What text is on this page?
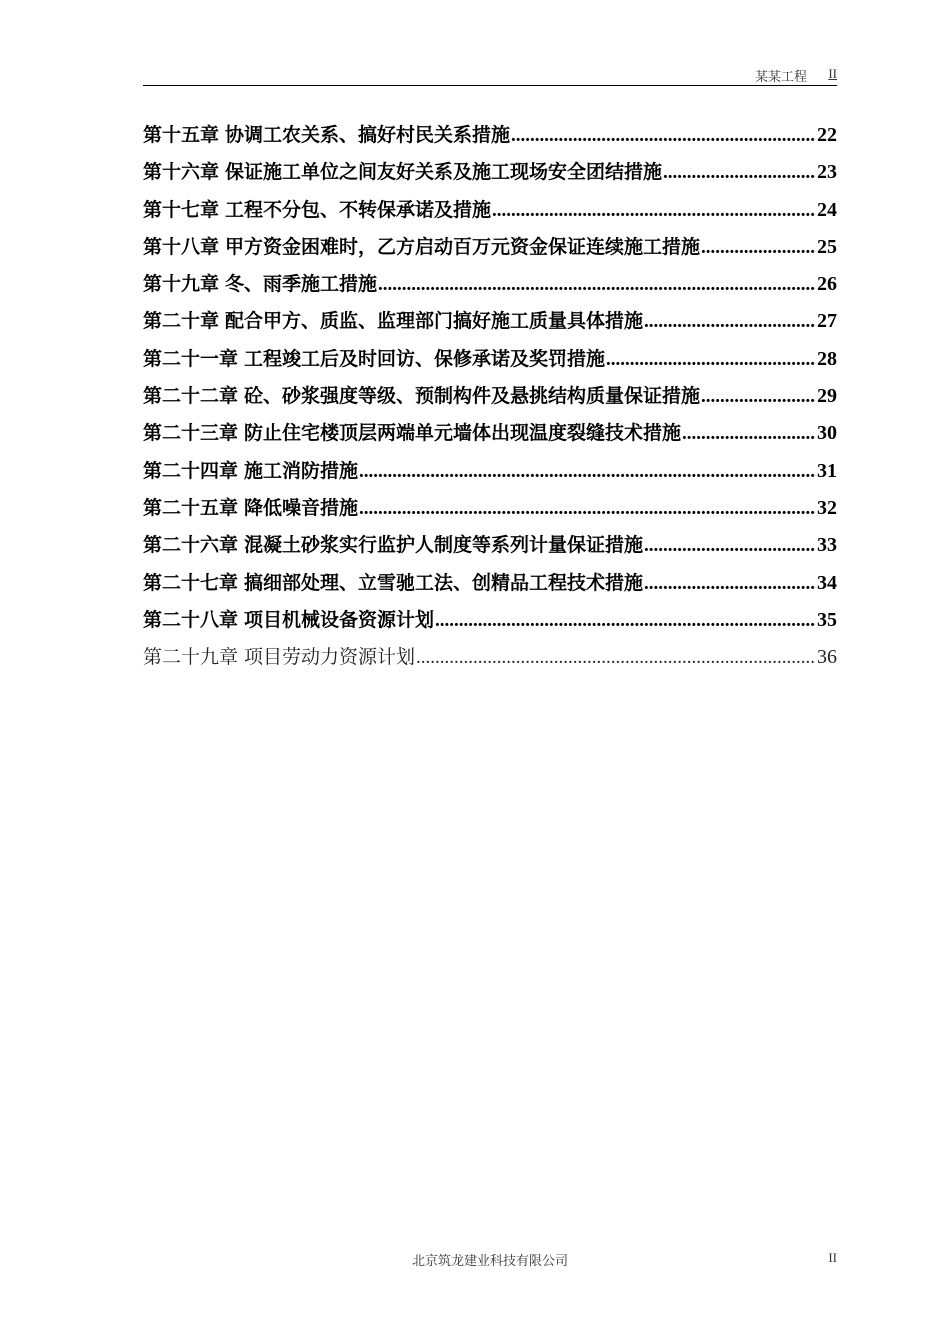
某某工程 II
第十五章 协调工农关系、搞好村民关系措施 .....	22
第十六章 保证施工单位之间友好关系及施工现场安全团结措施 .....	23
第十七章 工程不分包、不转保承诺及措施 .....	24
第十八章 甲方资金困难时，乙方启动百万元资金保证连续施工措施 .....	25
第十九章 冬、雨季施工措施 .....	26
第二十章 配合甲方、质监、监理部门搞好施工质量具体措施 .....	27
第二十一章 工程竣工后及时回访、保修承诺及奖罚措施 .....	28
第二十二章 砼、砂浆强度等级、预制构件及悬挑结构质量保证措施 .....	29
第二十三章 防止住宅楼顶层两端单元墙体出现温度裂缝技术措施 .....	30
第二十四章 施工消防措施 .....	31
第二十五章 降低噪音措施 .....	32
第二十六章 混凝土砂浆实行监护人制度等系列计量保证措施 .....	33
第二十七章 搞细部处理、立雪驰工法、创精品工程技术措施 .....	34
第二十八章 项目机械设备资源计划 .....	35
第二十九章 项目劳动力资源计划 .....	36
北京筑龙建业科技有限公司	II
